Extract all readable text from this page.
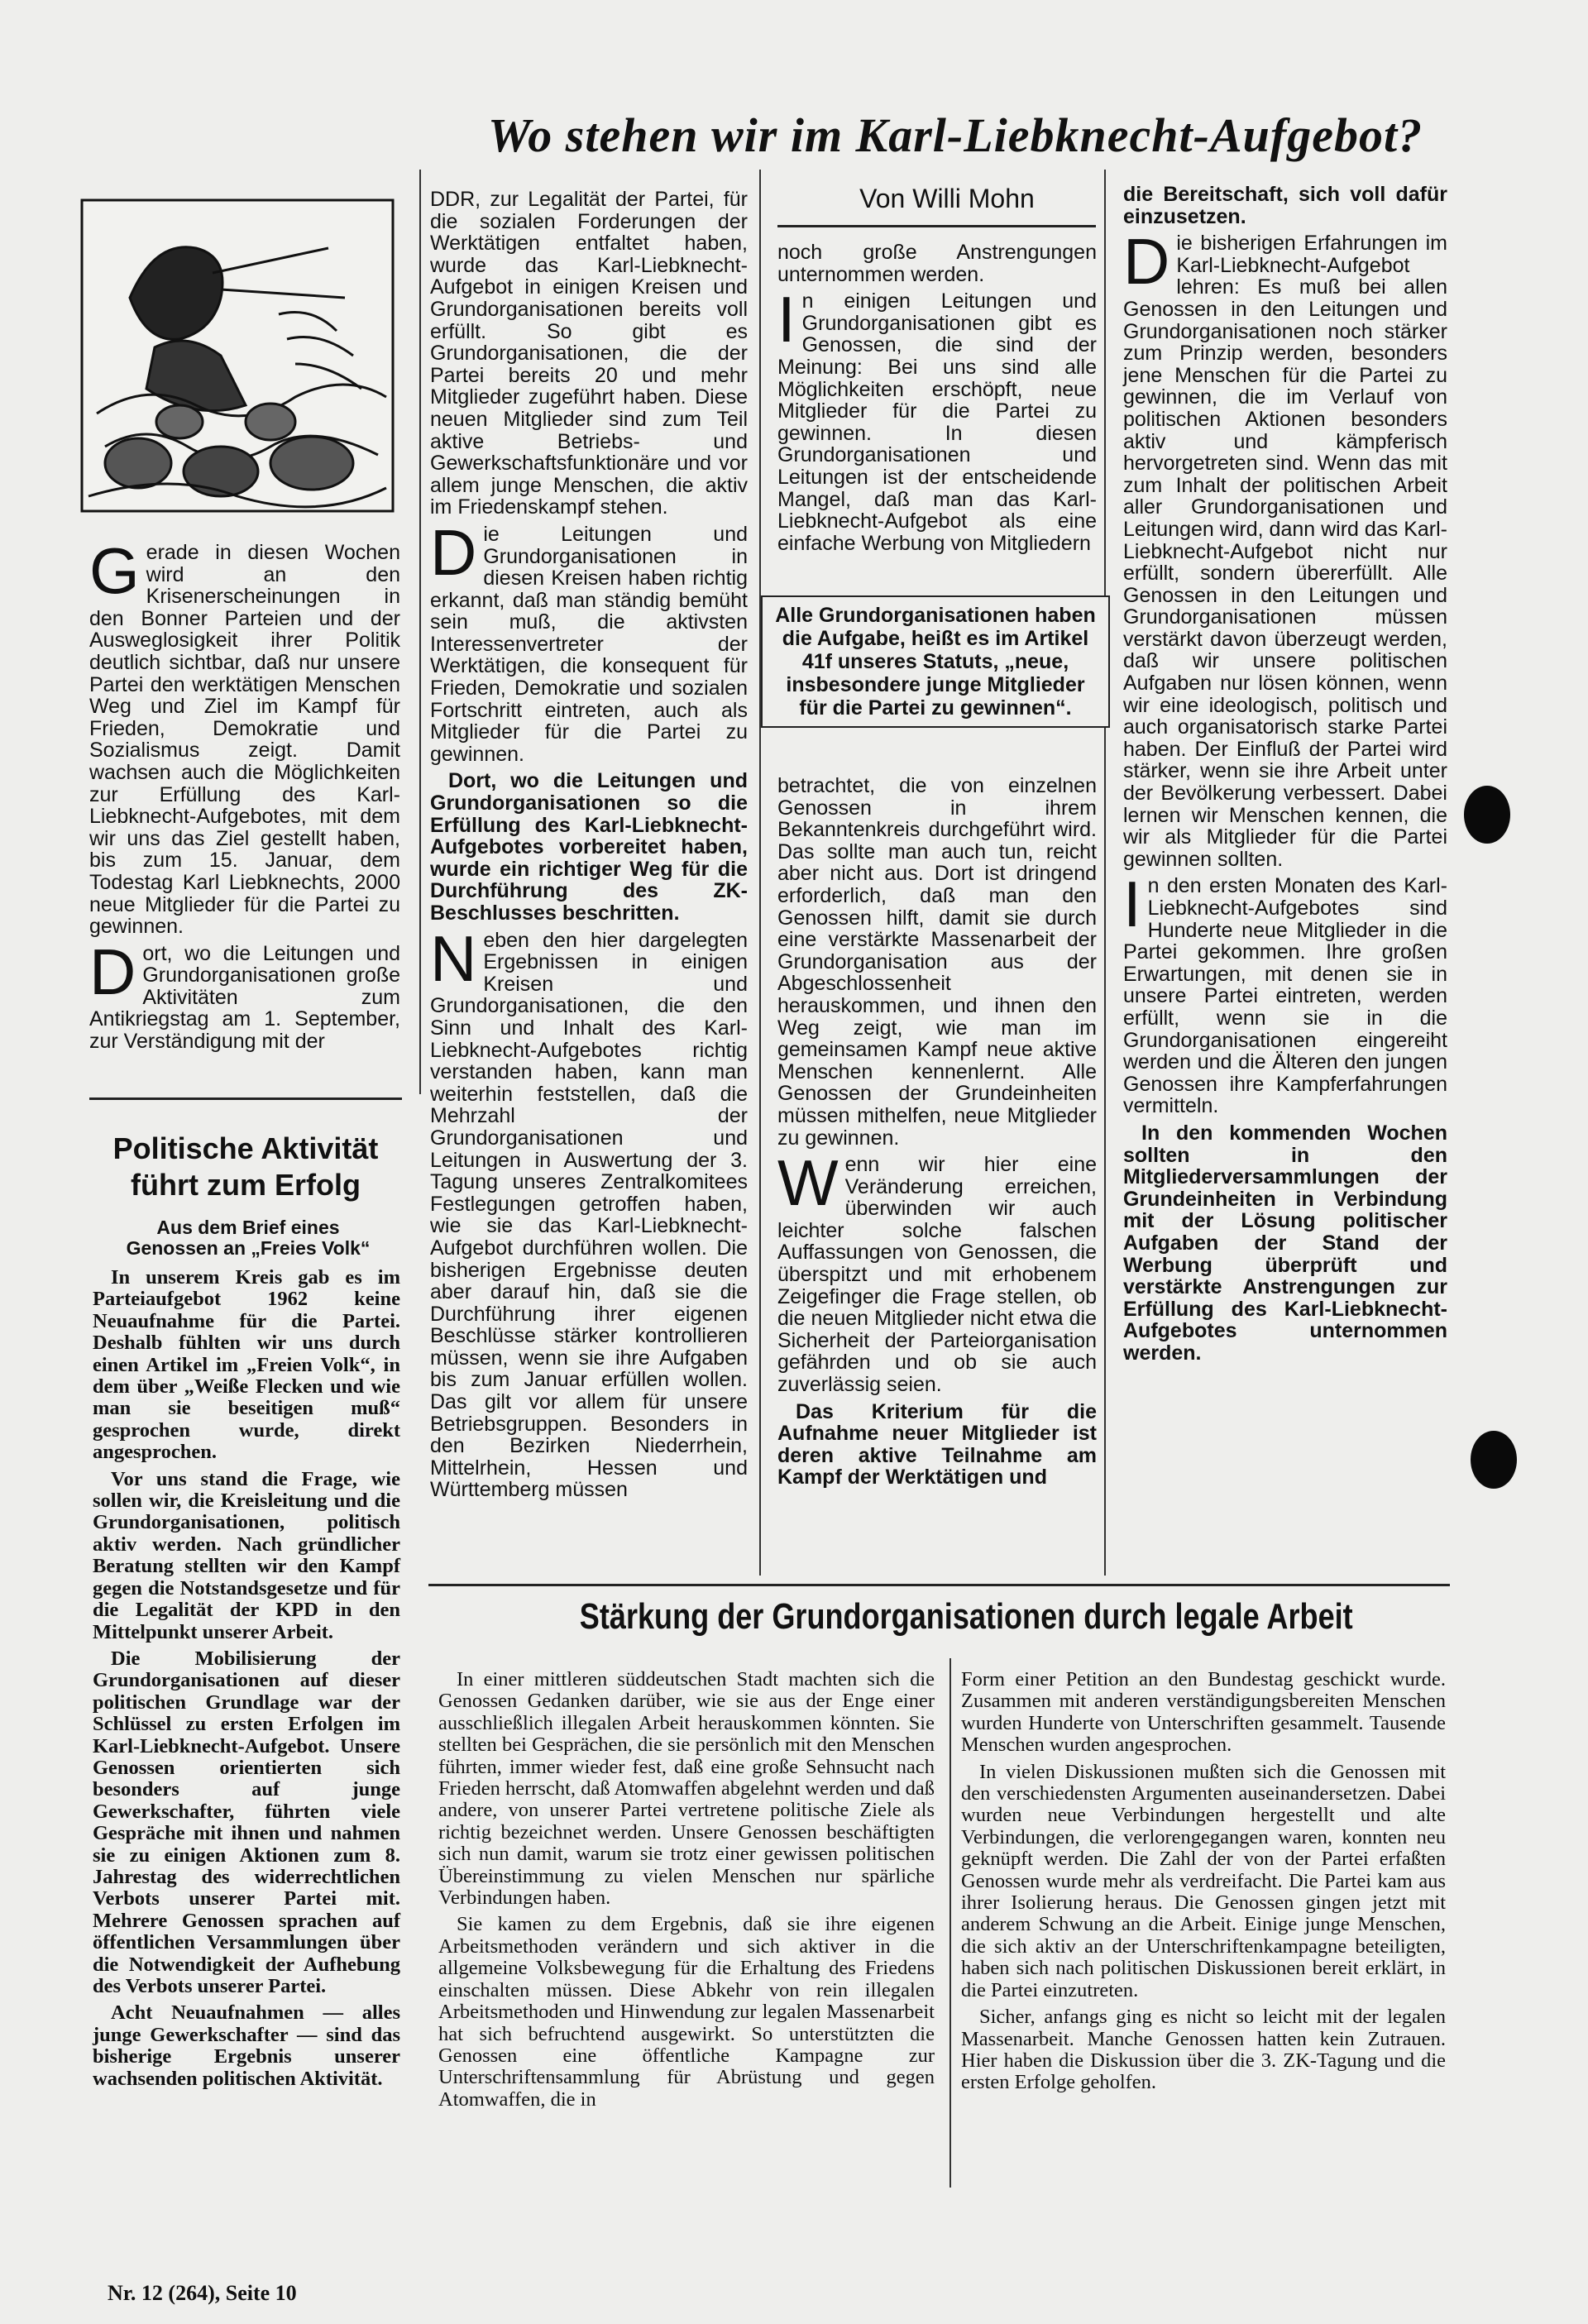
Wo stehen wir im Karl-Liebknecht-Aufgebot?

Gerade in diesen Wochen wird an den Krisenerscheinungen in den Bonner Parteien und der Ausweglosigkeit ihrer Politik deutlich sichtbar, daß nur unsere Partei den werktätigen Menschen Weg und Ziel im Kampf für Frieden, Demokratie und Sozialismus zeigt. Damit wachsen auch die Möglichkeiten zur Erfüllung des Karl-Liebknecht-Aufgebotes, mit dem wir uns das Ziel gestellt haben, bis zum 15. Januar, dem Todestag Karl Liebknechts, 2000 neue Mitglieder für die Partei zu gewinnen.

Dort, wo die Leitungen und Grundorganisationen große Aktivitäten zum Antikriegstag am 1. September, zur Verständigung mit der

Politische Aktivität führt zum Erfolg
Aus dem Brief eines Genossen an „Freies Volk“

In unserem Kreis gab es im Parteiaufgebot 1962 keine Neuaufnahme für die Partei. Deshalb fühlten wir uns durch einen Artikel im „Freien Volk“, in dem über „Weiße Flecken und wie man sie beseitigen muß“ gesprochen wurde, direkt angesprochen.

Vor uns stand die Frage, wie sollen wir, die Kreisleitung und die Grundorganisationen, politisch aktiv werden. Nach gründlicher Beratung stellten wir den Kampf gegen die Notstandsgesetze und für die Legalität der KPD in den Mittelpunkt unserer Arbeit.

Die Mobilisierung der Grundorganisationen auf dieser politischen Grundlage war der Schlüssel zu ersten Erfolgen im Karl-Liebknecht-Aufgebot. Unsere Genossen orientierten sich besonders auf junge Gewerkschafter, führten viele Gespräche mit ihnen und nahmen sie zu einigen Aktionen zum 8. Jahrestag des widerrechtlichen Verbots unserer Partei mit. Mehrere Genossen sprachen auf öffentlichen Versammlungen über die Notwendigkeit der Aufhebung des Verbots unserer Partei.

Acht Neuaufnahmen — alles junge Gewerkschafter — sind das bisherige Ergebnis unserer wachsenden politischen Aktivität.

DDR, zur Legalität der Partei, für die sozialen Forderungen der Werktätigen entfaltet haben, wurde das Karl-Liebknecht-Aufgebot in einigen Kreisen und Grundorganisationen bereits voll erfüllt. So gibt es Grundorganisationen, die der Partei bereits 20 und mehr Mitglieder zugeführt haben. Diese neuen Mitglieder sind zum Teil aktive Betriebs- und Gewerkschaftsfunktionäre und vor allem junge Menschen, die aktiv im Friedenskampf stehen.

Die Leitungen und Grundorganisationen in diesen Kreisen haben richtig erkannt, daß man ständig bemüht sein muß, die aktivsten Interessenvertreter der Werktätigen, die konsequent für Frieden, Demokratie und sozialen Fortschritt eintreten, auch als Mitglieder für die Partei zu gewinnen.

Dort, wo die Leitungen und Grundorganisationen so die Erfüllung des Karl-Liebknecht-Aufgebotes vorbereitet haben, wurde ein richtiger Weg für die Durchführung des ZK-Beschlusses beschritten.

Neben den hier dargelegten Ergebnissen in einigen Kreisen und Grundorganisationen, die den Sinn und Inhalt des Karl-Liebknecht-Aufgebotes richtig verstanden haben, kann man weiterhin feststellen, daß die Mehrzahl der Grundorganisationen und Leitungen in Auswertung der 3. Tagung unseres Zentralkomitees Festlegungen getroffen haben, wie sie das Karl-Liebknecht-Aufgebot durchführen wollen. Die bisherigen Ergebnisse deuten aber darauf hin, daß sie die Durchführung ihrer eigenen Beschlüsse stärker kontrollieren müssen, wenn sie ihre Aufgaben bis zum Januar erfüllen wollen. Das gilt vor allem für unsere Betriebsgruppen. Besonders in den Bezirken Niederrhein, Mittelrhein, Hessen und Württemberg müssen

Von Willi Mohn

noch große Anstrengungen unternommen werden.

In einigen Leitungen und Grundorganisationen gibt es Genossen, die sind der Meinung: Bei uns sind alle Möglichkeiten erschöpft, neue Mitglieder für die Partei zu gewinnen. In diesen Grundorganisationen und Leitungen ist der entscheidende Mangel, daß man das Karl-Liebknecht-Aufgebot als eine einfache Werbung von Mitgliedern

Alle Grundorganisationen haben die Aufgabe, heißt es im Artikel 41f unseres Statuts, „neue, insbesondere junge Mitglieder für die Partei zu gewinnen“.

betrachtet, die von einzelnen Genossen in ihrem Bekanntenkreis durchgeführt wird. Das sollte man auch tun, reicht aber nicht aus. Dort ist dringend erforderlich, daß man den Genossen hilft, damit sie durch eine verstärkte Massenarbeit der Grundorganisation aus der Abgeschlossenheit herauskommen, und ihnen den Weg zeigt, wie man im gemeinsamen Kampf neue aktive Menschen kennenlernt. Alle Genossen der Grundeinheiten müssen mithelfen, neue Mitglieder zu gewinnen.

Wenn wir hier eine Veränderung erreichen, überwinden wir auch leichter solche falschen Auffassungen von Genossen, die überspitzt und mit erhobenem Zeigefinger die Frage stellen, ob die neuen Mitglieder nicht etwa die Sicherheit der Parteiorganisation gefährden und ob sie auch zuverlässig seien.

Das Kriterium für die Aufnahme neuer Mitglieder ist deren aktive Teilnahme am Kampf der Werktätigen und

die Bereitschaft, sich voll dafür einzusetzen.

Die bisherigen Erfahrungen im Karl-Liebknecht-Aufgebot lehren: Es muß bei allen Genossen in den Leitungen und Grundorganisationen noch stärker zum Prinzip werden, besonders jene Menschen für die Partei zu gewinnen, die im Verlauf von politischen Aktionen besonders aktiv und kämpferisch hervorgetreten sind. Wenn das mit zum Inhalt der politischen Arbeit aller Grundorganisationen und Leitungen wird, dann wird das Karl-Liebknecht-Aufgebot nicht nur erfüllt, sondern übererfüllt. Alle Genossen in den Leitungen und Grundorganisationen müssen verstärkt davon überzeugt werden, daß wir unsere politischen Aufgaben nur lösen können, wenn wir eine ideologisch, politisch und auch organisatorisch starke Partei haben. Der Einfluß der Partei wird stärker, wenn sie ihre Arbeit unter der Bevölkerung verbessert. Dabei lernen wir Menschen kennen, die wir als Mitglieder für die Partei gewinnen sollten.

In den ersten Monaten des Karl-Liebknecht-Aufgebotes sind Hunderte neue Mitglieder in die Partei gekommen. Ihre großen Erwartungen, mit denen sie in unsere Partei eintreten, werden erfüllt, wenn sie in die Grundorganisationen eingereiht werden und die Älteren den jungen Genossen ihre Kampferfahrungen vermitteln.

In den kommenden Wochen sollten in den Mitgliederversammlungen der Grundeinheiten in Verbindung mit der Lösung politischer Aufgaben der Stand der Werbung überprüft und verstärkte Anstrengungen zur Erfüllung des Karl-Liebknecht-Aufgebotes unternommen werden.

Stärkung der Grundorganisationen durch legale Arbeit

In einer mittleren süddeutschen Stadt machten sich die Genossen Gedanken darüber, wie sie aus der Enge einer ausschließlich illegalen Arbeit herauskommen könnten. Sie stellten bei Gesprächen, die sie persönlich mit den Menschen führten, immer wieder fest, daß eine große Sehnsucht nach Frieden herrscht, daß Atomwaffen abgelehnt werden und daß andere, von unserer Partei vertretene politische Ziele als richtig bezeichnet werden. Unsere Genossen beschäftigten sich nun damit, warum sie trotz einer gewissen politischen Übereinstimmung zu vielen Menschen nur spärliche Verbindungen haben.

Sie kamen zu dem Ergebnis, daß sie ihre eigenen Arbeitsmethoden verändern und sich aktiver in die allgemeine Volksbewegung für die Erhaltung des Friedens einschalten müssen. Diese Abkehr von rein illegalen Arbeitsmethoden und Hinwendung zur legalen Massenarbeit hat sich befruchtend ausgewirkt. So unterstützten die Genossen eine öffentliche Kampagne zur Unterschriftensammlung für Abrüstung und gegen Atomwaffen, die in

Form einer Petition an den Bundestag geschickt wurde. Zusammen mit anderen verständigungsbereiten Menschen wurden Hunderte von Unterschriften gesammelt. Tausende Menschen wurden angesprochen.

In vielen Diskussionen mußten sich die Genossen mit den verschiedensten Argumenten auseinandersetzen. Dabei wurden neue Verbindungen hergestellt und alte Verbindungen, die verlorengegangen waren, konnten neu geknüpft werden. Die Zahl der von der Partei erfaßten Genossen wurde mehr als verdreifacht. Die Partei kam aus ihrer Isolierung heraus. Die Genossen gingen jetzt mit anderem Schwung an die Arbeit. Einige junge Menschen, die sich aktiv an der Unterschriftenkampagne beteiligten, haben sich nach politischen Diskussionen bereit erklärt, in die Partei einzutreten.

Sicher, anfangs ging es nicht so leicht mit der legalen Massenarbeit. Manche Genossen hatten kein Zutrauen. Hier haben die Diskussion über die 3. ZK-Tagung und die ersten Erfolge geholfen.

Nr. 12 (264), Seite 10
